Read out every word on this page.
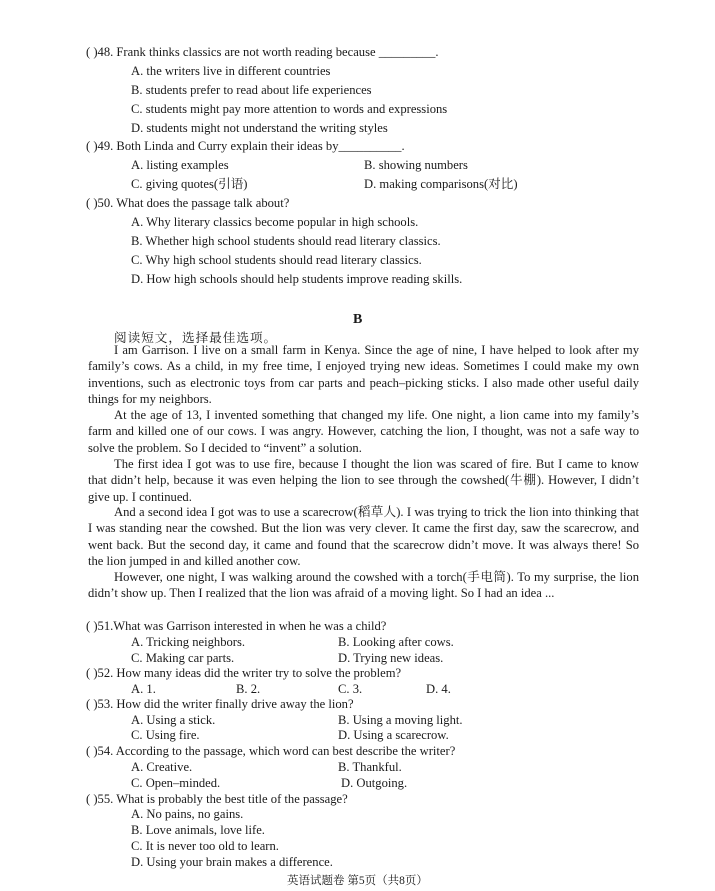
( )48. Frank thinks classics are not worth reading because _________.
A. the writers live in different countries
B. students prefer to read about life experiences
C. students might pay more attention to words and expressions
D. students might not understand the writing styles
( )49. Both Linda and Curry explain their ideas by__________.
A. listing examples	B. showing numbers
C. giving quotes(引语)	D. making comparisons(对比)
( )50. What does the passage talk about?
A. Why literary classics become popular in high schools.
B. Whether high school students should read literary classics.
C. Why high school students should read literary classics.
D. How high schools should help students improve reading skills.
B
阅读短文，选择最佳选项。

I am Garrison. I live on a small farm in Kenya. Since the age of nine, I have helped to look after my family’s cows. As a child, in my free time, I enjoyed trying new ideas. Sometimes I could make my own inventions, such as electronic toys from car parts and peach–picking sticks. I also made other useful daily things for my neighbors.

At the age of 13, I invented something that changed my life. One night, a lion came into my family’s farm and killed one of our cows. I was angry. However, catching the lion, I thought, was not a safe way to solve the problem. So I decided to “invent” a solution.

The first idea I got was to use fire, because I thought the lion was scared of fire. But I came to know that didn’t help, because it was even helping the lion to see through the cowshed(牛棚). However, I didn’t give up. I continued.

And a second idea I got was to use a scarecrow(稻草人). I was trying to trick the lion into thinking that I was standing near the cowshed. But the lion was very clever. It came the first day, saw the scarecrow, and went back. But the second day, it came and found that the scarecrow didn’t move. It was always there! So the lion jumped in and killed another cow.

However, one night, I was walking around the cowshed with a torch(手电筒). To my surprise, the lion didn’t show up. Then I realized that the lion was afraid of a moving light. So I had an idea ...

( )51.What was Garrison interested in when he was a child?
A. Tricking neighbors.	B. Looking after cows.
C. Making car parts.	D. Trying new ideas.
( )52. How many ideas did the writer try to solve the problem?
A. 1.	B. 2.	C. 3.	D. 4.
( )53. How did the writer finally drive away the lion?
A. Using a stick.	B. Using a moving light.
C. Using fire.	D. Using a scarecrow.
( )54. According to the passage, which word can best describe the writer?
A. Creative.	B. Thankful.
C. Open–minded.	D. Outgoing.
( )55. What is probably the best title of the passage?
A. No pains, no gains.
B. Love animals, love life.
C. It is never too old to learn.
D. Using your brain makes a difference.
英语试题卷 第5页（共8页）
